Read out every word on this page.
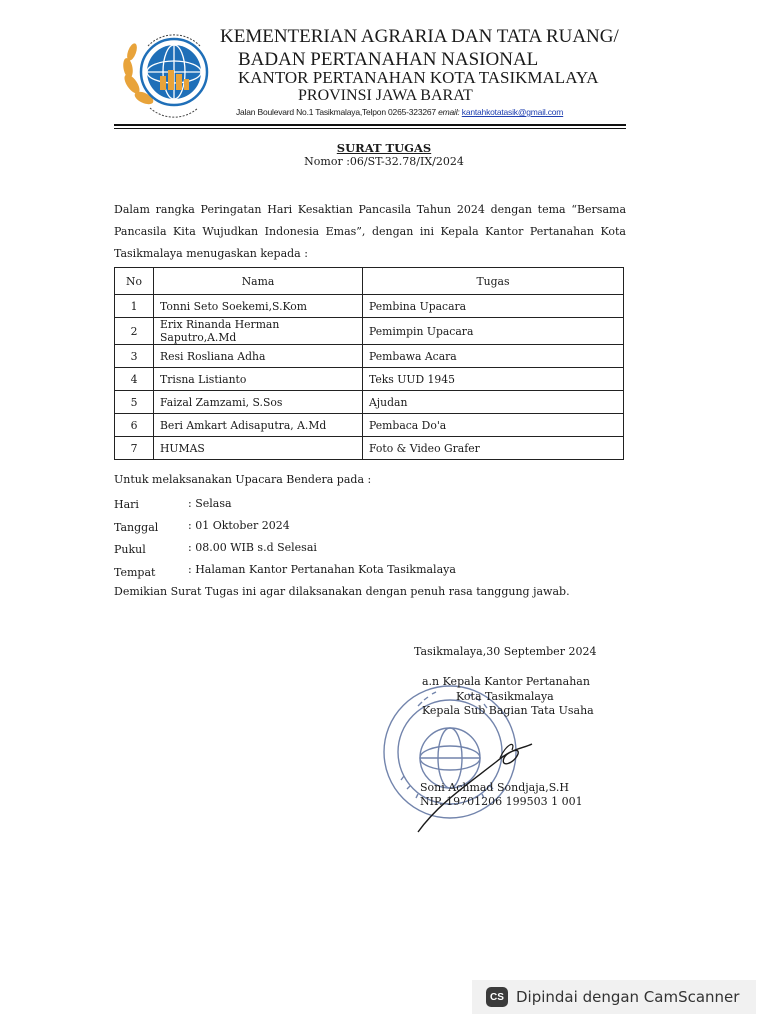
KEMENTERIAN AGRARIA DAN TATA RUANG/
BADAN PERTANAHAN NASIONAL
KANTOR PERTANAHAN KOTA TASIKMALAYA
PROVINSI JAWA BARAT
Jalan Boulevard No.1 Tasikmalaya,Telpon 0265-323267 email: kantahkotatasik@gmail.com
SURAT TUGAS
Nomor :06/ST-32.78/IX/2024
Dalam rangka Peringatan Hari Kesaktian Pancasila Tahun 2024 dengan tema “Bersama Pancasila Kita Wujudkan Indonesia Emas”, dengan ini Kepala Kantor Pertanahan Kota Tasikmalaya menugaskan kepada :
No	Nama	Tugas
1	Tonni Seto Soekemi,S.Kom	Pembina Upacara
2	Erix Rinanda Herman Saputro,A.Md	Pemimpin Upacara
3	Resi Rosliana Adha	Pembawa Acara
4	Trisna Listianto	Teks UUD 1945
5	Faizal Zamzami, S.Sos	Ajudan
6	Beri Amkart Adisaputra, A.Md	Pembaca Do'a
7	HUMAS	Foto & Video Grafer
Untuk melaksanakan Upacara Bendera pada :
Hari	: Selasa
Tanggal	: 01 Oktober 2024
Pukul	: 08.00 WIB s.d Selesai
Tempat	: Halaman Kantor Pertanahan Kota Tasikmalaya
Demikian Surat Tugas ini agar dilaksanakan dengan penuh rasa tanggung jawab.
Tasikmalaya,30 September 2024
a.n Kepala Kantor Pertanahan
Kota Tasikmalaya
Kepala Sub Bagian Tata Usaha
Soni Achmad Sondjaja,S.H
NIP. 19701206 199503 1 001
CS Dipindai dengan CamScanner
